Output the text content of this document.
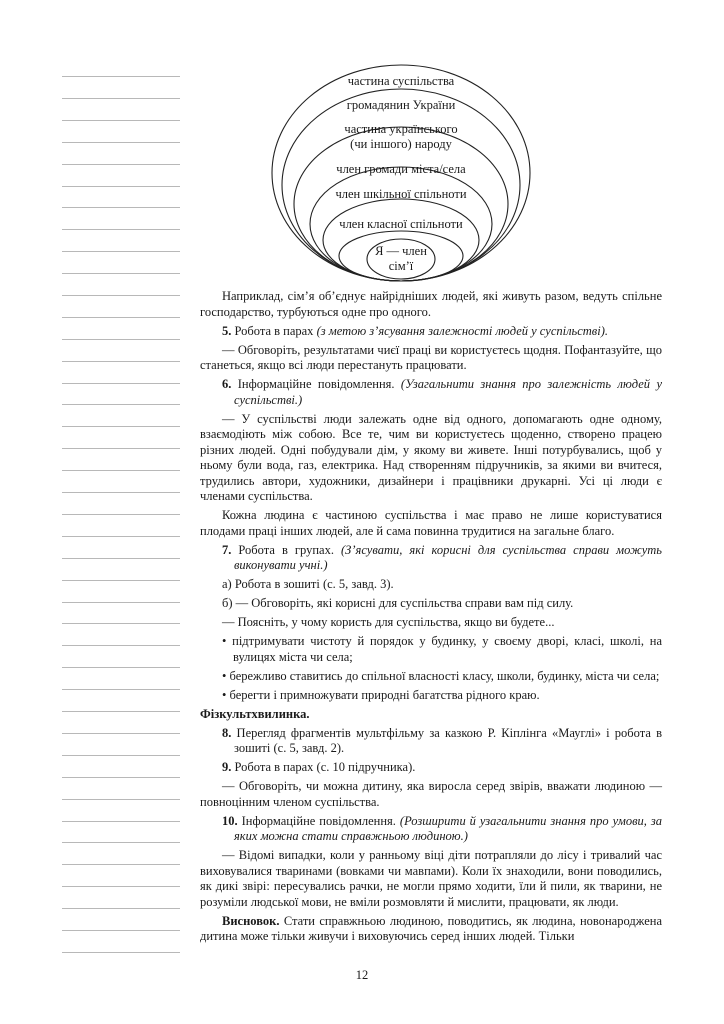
частина суспільства
громадянин України
частина українського
(чи іншого) народу
член громади міста/села
член шкільної спільноти
член класної спільноти
Я — член
сім’ї

Наприклад, сім’я об’єднує найрідніших людей, які живуть разом, ведуть спільне господарство, турбуються одне про одного.

5. Робота в парах (з метою з’ясування залежності людей у суспільстві).

— Обговоріть, результатами чиєї праці ви користуєтесь щодня. Пофантазуйте, що станеться, якщо всі люди перестануть працювати.

6. Інформаційне повідомлення. (Узагальнити знання про залежність людей у суспільстві.)

— У суспільстві люди залежать одне від одного, допомагають одне одному, взаємодіють між собою. Все те, чим ви користуєтесь щоденно, створено працею різних людей. Одні побудували дім, у якому ви живете. Інші потурбувались, щоб у ньому були вода, газ, електрика. Над створенням підручників, за якими ви вчитеся, трудились автори, художники, дизайнери і працівники друкарні. Усі ці люди є членами суспільства.

Кожна людина є частиною суспільства і має право не лише користуватися плодами праці інших людей, але й сама повинна трудитися на загальне благо.

7. Робота в групах. (З’ясувати, які корисні для суспільства справи можуть виконувати учні.)

а) Робота в зошиті (с. 5, завд. 3).

б) — Обговоріть, які корисні для суспільства справи вам під силу.

— Поясніть, у чому користь для суспільства, якщо ви будете...

• підтримувати чистоту й порядок у будинку, у своєму дворі, класі, школі, на вулицях міста чи села;

• бережливо ставитись до спільної власності класу, школи, будинку, міста чи села;

• берегти і примножувати природні багатства рідного краю.

Фізкультхвилинка.

8. Перегляд фрагментів мультфільму за казкою Р. Кіплінга «Мауглі» і робота в зошиті (с. 5, завд. 2).

9. Робота в парах (с. 10 підручника).

— Обговоріть, чи можна дитину, яка виросла серед звірів, вважати людиною — повноцінним членом суспільства.

10. Інформаційне повідомлення. (Розширити й узагальнити знання про умови, за яких можна стати справжньою людиною.)

— Відомі випадки, коли у ранньому віці діти потрапляли до лісу і тривалий час виховувалися тваринами (вовками чи мавпами). Коли їх знаходили, вони поводились, як дикі звірі: пересувались рачки, не могли прямо ходити, їли й пили, як тварини, не розуміли людської мови, не вміли розмовляти й мислити, працювати, як люди.

Висновок. Стати справжньою людиною, поводитись, як людина, новонароджена дитина може тільки живучи і виховуючись серед інших людей. Тільки

12
